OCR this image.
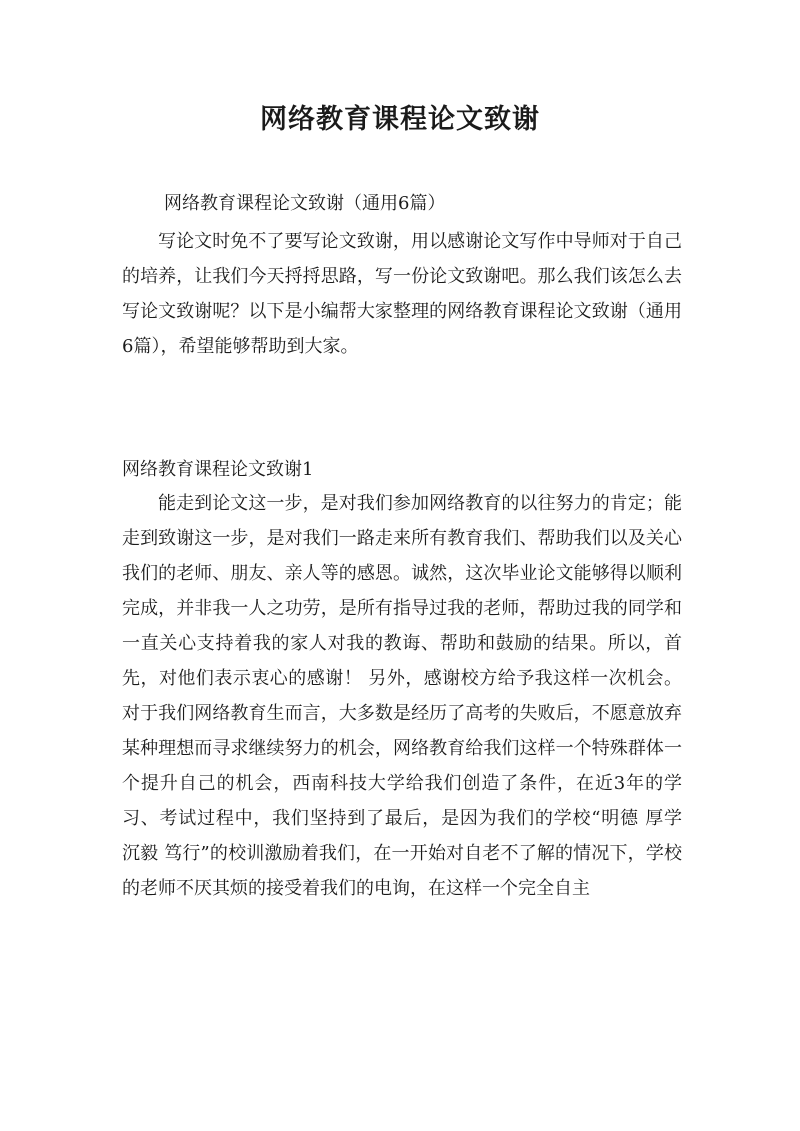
网络教育课程论文致谢

网络教育课程论文致谢（通用6篇）

写论文时免不了要写论文致谢，用以感谢论文写作中导师对于自己的培养，让我们今天捋捋思路，写一份论文致谢吧。那么我们该怎么去写论文致谢呢？以下是小编帮大家整理的网络教育课程论文致谢（通用6篇），希望能够帮助到大家。

网络教育课程论文致谢1

能走到论文这一步，是对我们参加网络教育的以往努力的肯定；能走到致谢这一步，是对我们一路走来所有教育我们、帮助我们以及关心我们的老师、朋友、亲人等的感恩。诚然，这次毕业论文能够得以顺利完成，并非我一人之功劳，是所有指导过我的老师，帮助过我的同学和一直关心支持着我的家人对我的教诲、帮助和鼓励的结果。所以，首先，对他们表示衷心的感谢！ 另外，感谢校方给予我这样一次机会。对于我们网络教育生而言，大多数是经历了高考的失败后，不愿意放弃某种理想而寻求继续努力的机会，网络教育给我们这样一个特殊群体一个提升自己的机会，西南科技大学给我们创造了条件，在近3年的学习、考试过程中，我们坚持到了最后，是因为我们的学校“明德 厚学 沉毅 笃行”的校训激励着我们，在一开始对自老不了解的情况下，学校的老师不厌其烦的接受着我们的电询，在这样一个完全自主
